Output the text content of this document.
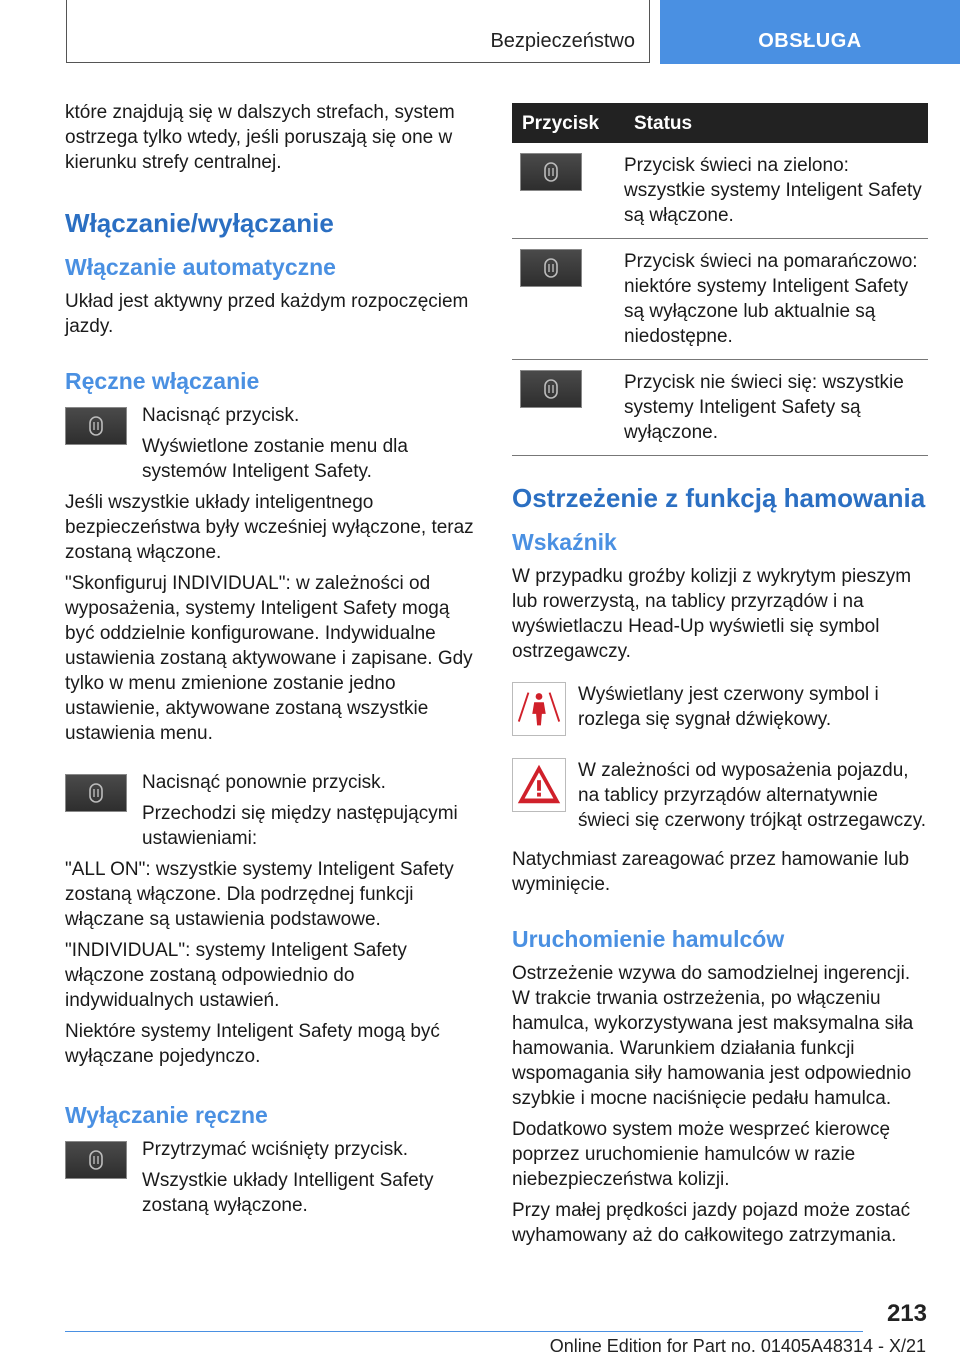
Bezpieczeństwo	OBSŁUGA

które znajdują się w dalszych strefach, system ostrzega tylko wtedy, jeśli poruszają się one w kierunku strefy centralnej.

Włączanie/wyłączanie
Włączanie automatyczne

Układ jest aktywny przed każdym rozpoczęciem jazdy.

Ręczne włączanie

Nacisnąć przycisk.

Wyświetlone zostanie menu dla systemów Inteligent Safety.

Jeśli wszystkie układy inteligentnego bezpieczeństwa były wcześniej wyłączone, teraz zostaną włączone.

"Skonfiguruj INDIVIDUAL": w zależności od wyposażenia, systemy Inteligent Safety mogą być oddzielnie konfigurowane. Indywidualne ustawienia zostaną aktywowane i zapisane. Gdy tylko w menu zmienione zostanie jedno ustawienie, aktywowane zostaną wszystkie ustawienia menu.

Nacisnąć ponownie przycisk.

Przechodzi się między następującymi ustawieniami:

"ALL ON": wszystkie systemy Inteligent Safety zostaną włączone. Dla podrzędnej funkcji włączane są ustawienia podstawowe.

"INDIVIDUAL": systemy Inteligent Safety włączone zostaną odpowiednio do indywidualnych ustawień.

Niektóre systemy Inteligent Safety mogą być wyłączane pojedynczo.

Wyłączanie ręczne

Przytrzymać wciśnięty przycisk.

Wszystkie układy Intelligent Safety zostaną wyłączone.

Przycisk	Status

	Przycisk świeci na zielono: wszystkie systemy Inteligent Safety są włączone.

	Przycisk świeci na pomarańczowo: niektóre systemy Inteligent Safety są wyłączone lub aktualnie są niedostępne.

	Przycisk nie świeci się: wszystkie systemy Inteligent Safety są wyłączone.
Ostrzeżenie z funkcją hamowania
Wskaźnik

W przypadku groźby kolizji z wykrytym pieszym lub rowerzystą, na tablicy przyrządów i na wyświetlaczu Head-Up wyświetli się symbol ostrzegawczy.

Wyświetlany jest czerwony symbol i rozlega się sygnał dźwiękowy.

W zależności od wyposażenia pojazdu, na tablicy przyrządów alternatywnie świeci się czerwony trójkąt ostrzegawczy.

Natychmiast zareagować przez hamowanie lub wyminięcie.

Uruchomienie hamulców

Ostrzeżenie wzywa do samodzielnej ingerencji. W trakcie trwania ostrzeżenia, po włączeniu hamulca, wykorzystywana jest maksymalna siła hamowania. Warunkiem działania funkcji wspomagania siły hamowania jest odpowiednio szybkie i mocne naciśnięcie pedału hamulca.

Dodatkowo system może wesprzeć kierowcę poprzez uruchomienie hamulców w razie niebezpieczeństwa kolizji.

Przy małej prędkości jazdy pojazd może zostać wyhamowany aż do całkowitego zatrzymania.

213
Online Edition for Part no. 01405A48314 - X/21
